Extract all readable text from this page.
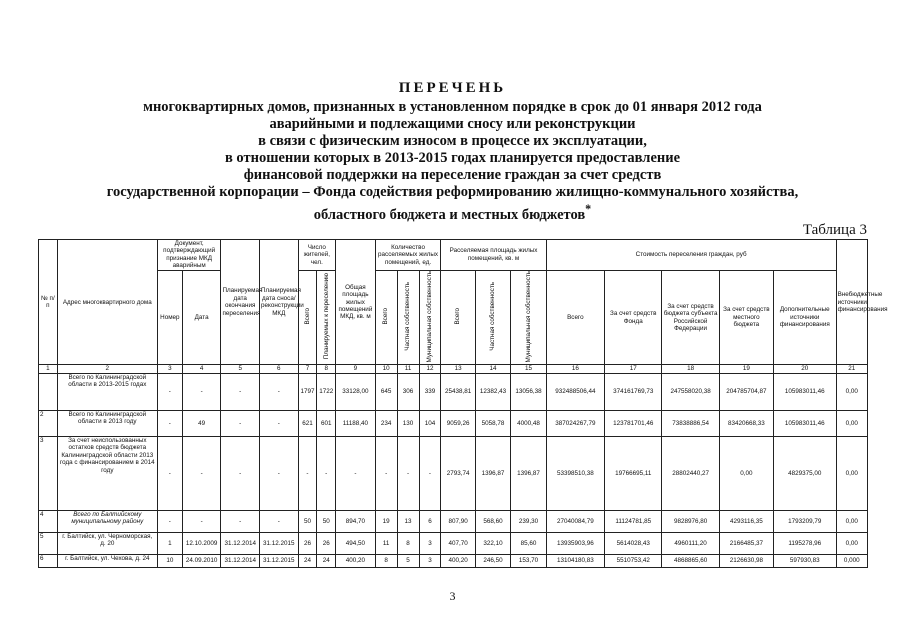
ПЕРЕЧЕНЬ
многоквартирных домов, признанных в установленном порядке в срок до 01 января 2012 года
аварийными и подлежащими сносу или реконструкции
в связи с физическим износом в процессе их эксплуатации,
в отношении которых в 2013-2015 годах планируется предоставление
финансовой поддержки на переселение граждан за счет средств
государственной корпорации – Фонда содействия реформированию жилищно-коммунального хозяйства,
областного бюджета и местных бюджетов*
Таблица 3
№ п/п	Адрес многоквартирного дома	Документ, подтверждающий признание МКД аварийным		Планируемая дата окончания переселения	Планируемая дата сноса/ реконструкции МКД	Число жителей, чел.		Общая площадь жилых помещений МКД, кв. м	Количество расселяемых жилых помещений, ед.			Расселяемая площадь жилых помещений, кв. м			Стоимость переселения граждан, руб					Внебюджетные источники финансирования
		Номер	Дата			Всего	Планируемых к переселению		Всего	Частная собственность	Муниципальная собственность	Всего	Частная собственность	Муниципальная собственность	Всего	За счет средств Фонда	За счет средств бюджета субъекта Российской Федерации	За счет средств местного бюджета	Дополнительные источники финансирования	
1	2	3	4	5	6	7	8	9	10	11	12	13	14	15	16	17	18	19	20	21
	Всего по Калининградской области в 2013-2015 годах	-	-	-	-	1797	1722	33128,00	645	306	339	25438,81	12382,43	13056,38	932488506,44	374161769,73	247558020,38	204785704,87	105983011,46	0,00
2	Всего по Калининградской области в 2013 году	-	49	-	-	621	601	11188,40	234	130	104	9059,26	5058,78	4000,48	387024267,79	123781701,46	73838886,54	83420668,33	105983011,46	0,00
3	За счет неиспользованных остатков средств бюджета Калининградской области 2013 года с финансированием в 2014 году	-	-	-	-	-	-	-	-	-	-	2793,74	1396,87	1396,87	53398510,38	19766695,11	28802440,27	0,00	4829375,00	0,00
4	Всего по Балтийскому муниципальному району	-	-	-	-	50	50	894,70	19	13	6	807,90	568,60	239,30	27040084,79	11124781,85	9828976,80	4293116,35	1793209,79	0,00
5	г. Балтийск, ул. Черноморская, д. 20	1	12.10.2009	31.12.2014	31.12.2015	26	26	494,50	11	8	3	407,70	322,10	85,60	13935903,96	5614028,43	4960111,20	2166485,37	1195278,96	0,00
6	г. Балтийск, ул. Чехова, д. 24	10	24.09.2010	31.12.2014	31.12.2015	24	24	400,20	8	5	3	400,20	246,50	153,70	13104180,83	5510753,42	4868865,60	2126630,98	597930,83	0,000
3
